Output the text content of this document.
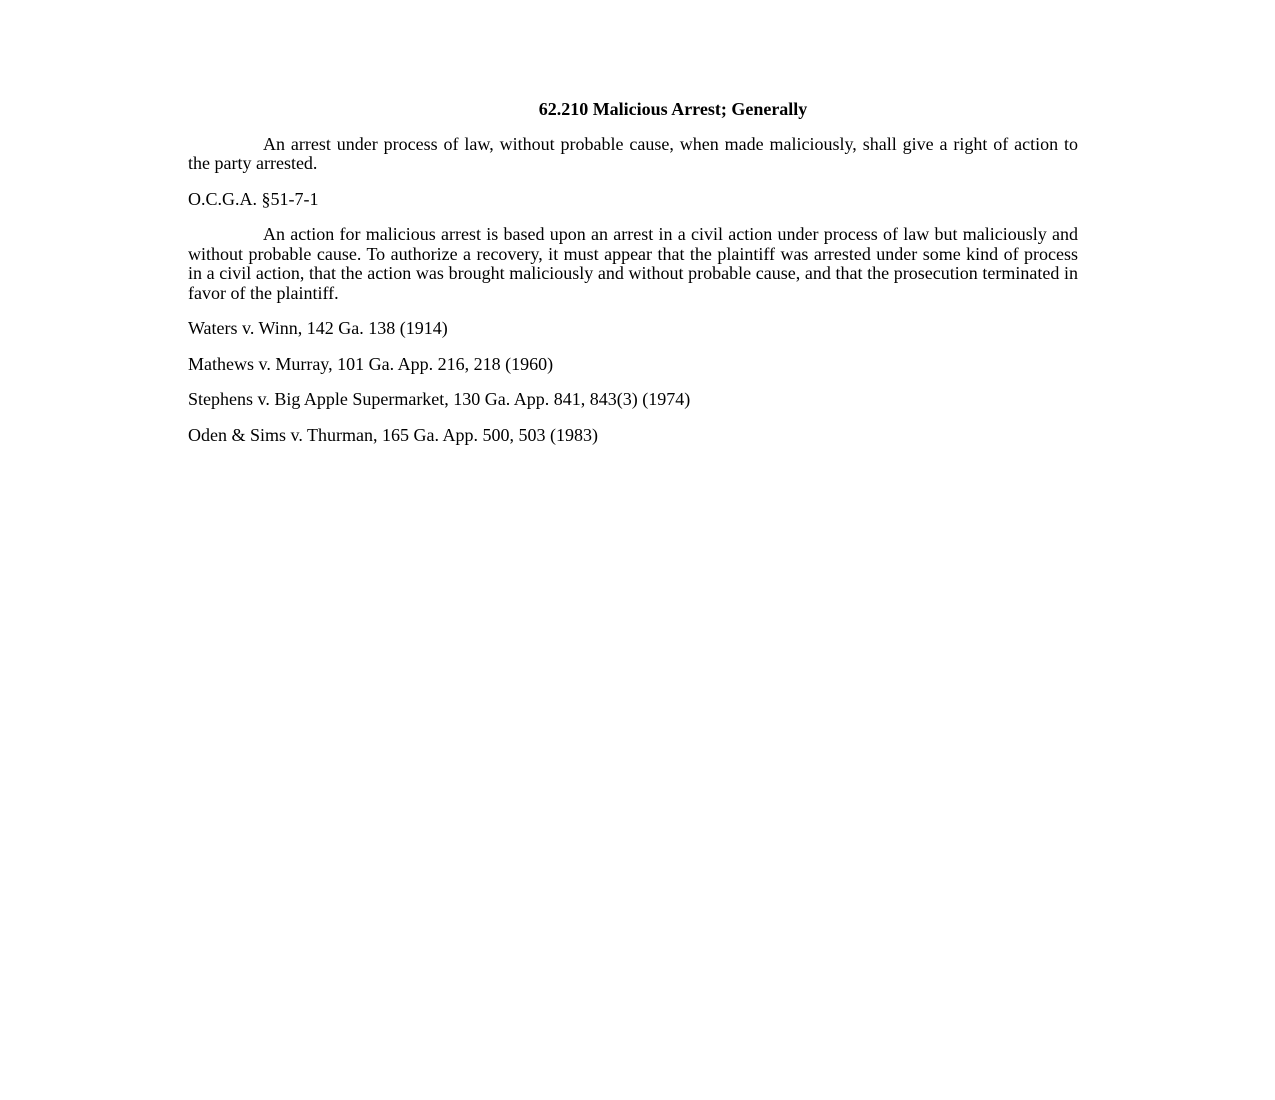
62.210 Malicious Arrest; Generally
An arrest under process of law, without probable cause, when made maliciously, shall give a right of action to the party arrested.
O.C.G.A. §51-7-1
An action for malicious arrest is based upon an arrest in a civil action under process of law but maliciously and without probable cause. To authorize a recovery, it must appear that the plaintiff was arrested under some kind of process in a civil action, that the action was brought maliciously and without probable cause, and that the prosecution terminated in favor of the plaintiff.
Waters v. Winn, 142 Ga. 138 (1914)
Mathews v. Murray, 101 Ga. App. 216, 218 (1960)
Stephens v. Big Apple Supermarket, 130 Ga. App. 841, 843(3) (1974)
Oden & Sims v. Thurman, 165 Ga. App. 500, 503 (1983)
